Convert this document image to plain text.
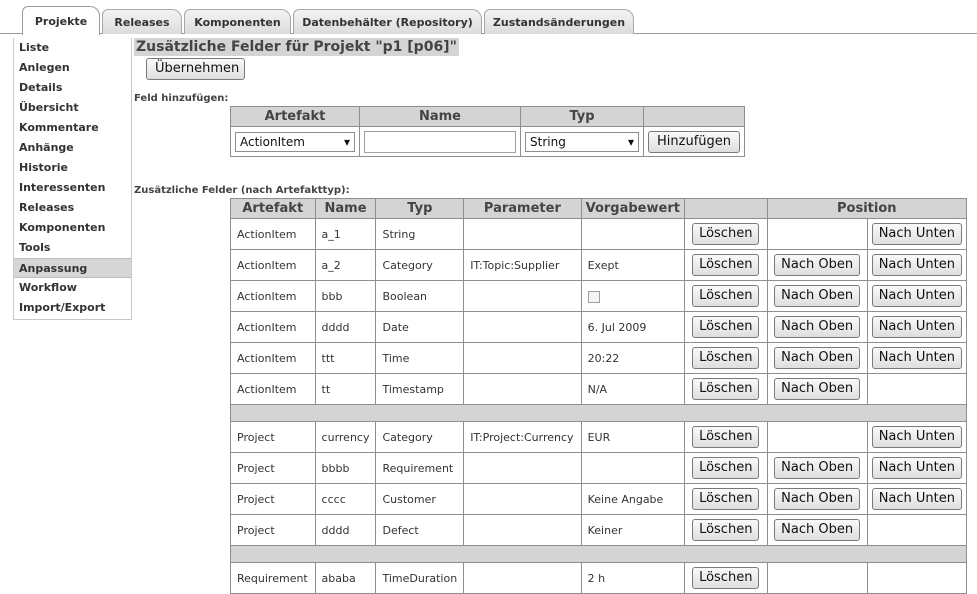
Projekte Releases Komponenten Datenbehälter (Repository) Zustandsänderungen
Liste
Anlegen
Details
Übersicht
Kommentare
Anhänge
Historie
Interessenten
Releases
Komponenten
Tools
Anpassung
Workflow
Import/Export
Zusätzliche Felder für Projekt "p1 [p06]"
Übernehmen
Feld hinzufügen:
Artefakt	Name	Typ	

ActionItem ▾		String ▾	Hinzufügen
Zusätzliche Felder (nach Artefakttyp):
Artefakt	Name	Typ	Parameter	Vorgabewert		Position	
ActionItem	a_1	String			Löschen		Nach Unten
ActionItem	a_2	Category	IT:Topic:Supplier	Exept	Löschen	Nach Oben	Nach Unten
ActionItem	bbb	Boolean			Löschen	Nach Oben	Nach Unten
ActionItem	dddd	Date		6. Jul 2009	Löschen	Nach Oben	Nach Unten
ActionItem	ttt	Time		20:22	Löschen	Nach Oben	Nach Unten
ActionItem	tt	Timestamp		N/A	Löschen	Nach Oben	

Project	currency	Category	IT:Project:Currency	EUR	Löschen		Nach Unten
Project	bbbb	Requirement			Löschen	Nach Oben	Nach Unten
Project	cccc	Customer		Keine Angabe	Löschen	Nach Oben	Nach Unten
Project	dddd	Defect		Keiner	Löschen	Nach Oben	

Requirement	ababa	TimeDuration		2 h	Löschen		
